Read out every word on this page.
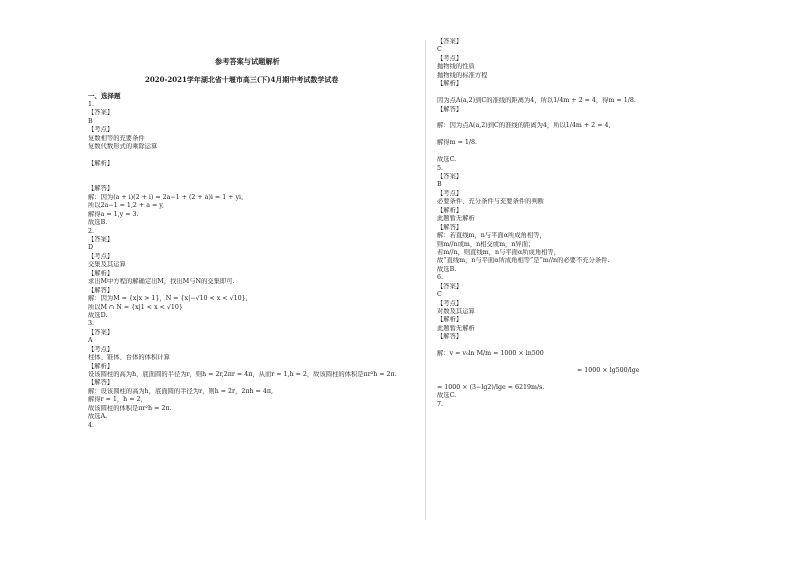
参考答案与试题解析
2020-2021学年湖北省十堰市高三(下)4月期中考试数学试卷
一、选择题
1.
【答案】
B
【考点】
复数相等的充要条件
复数代数形式的乘除运算
【解析】
【解答】
解：因为(a + i)(2 + i) = 2a−1 + (2 + a)i = 1 + yi,
所以2a−1 = 1,2 + a = y,
解得a = 1,y = 3.
故选B.
2.
【答案】
D
【考点】
交集及其运算
【解析】
求出M中方程的解确定出M，找出M与N的交集即可.
【解答】
解：因为M = {x|x > 1}，N = {x|−√10 < x < √10},
所以M ∩ N = {x|1 < x < √10}
故选D.
3.
【答案】
A
【考点】
柱体、锥体、台体的体积计算
【解析】
设该圆柱的高为h，底面圆的半径为r，则h = 2r,2πr = 4π，从而r = 1,h = 2，故该圆柱的体积是πr²h = 2π.
【解答】
解：设该圆柱的高为h，底面圆的半径为r，则h = 2r，2πh = 4π,
解得r = 1，h = 2，
故该圆柱的体积是πr²h = 2π.
故选A.
4.
【答案】
C
【考点】
抛物线的性质
抛物线的标准方程
【解析】
因为点A(a,2)到C的准线的距离为4，所以1/4m + 2 = 4，得m = 1/8.
【解答】
解：因为点A(a,2)到C的准线的距离为4，所以1/4m + 2 = 4,
解得m = 1/8.
故选C.
5.
【答案】
B
【考点】
必要条件、充分条件与充要条件的判断
【解析】
此题暂无解析
【解答】
解：若直线m，n与平面α所成角相等，
则m//n或m，n相交或m，n异面；
若m//n，则直线m，n与平面α所成角相等，
故“直线m，n与平面α所成角相等”是“m//n的必要不充分条件.
故选B.
6.
【答案】
C
【考点】
对数及其运算
【解析】
此题暂无解析
【解答】
解：v = v₀ln M/m = 1000 × ln500
= 1000 × lg500/lge
= 1000 × (3−lg2)/lge ≈ 6219m/s.
故选C.
7.
